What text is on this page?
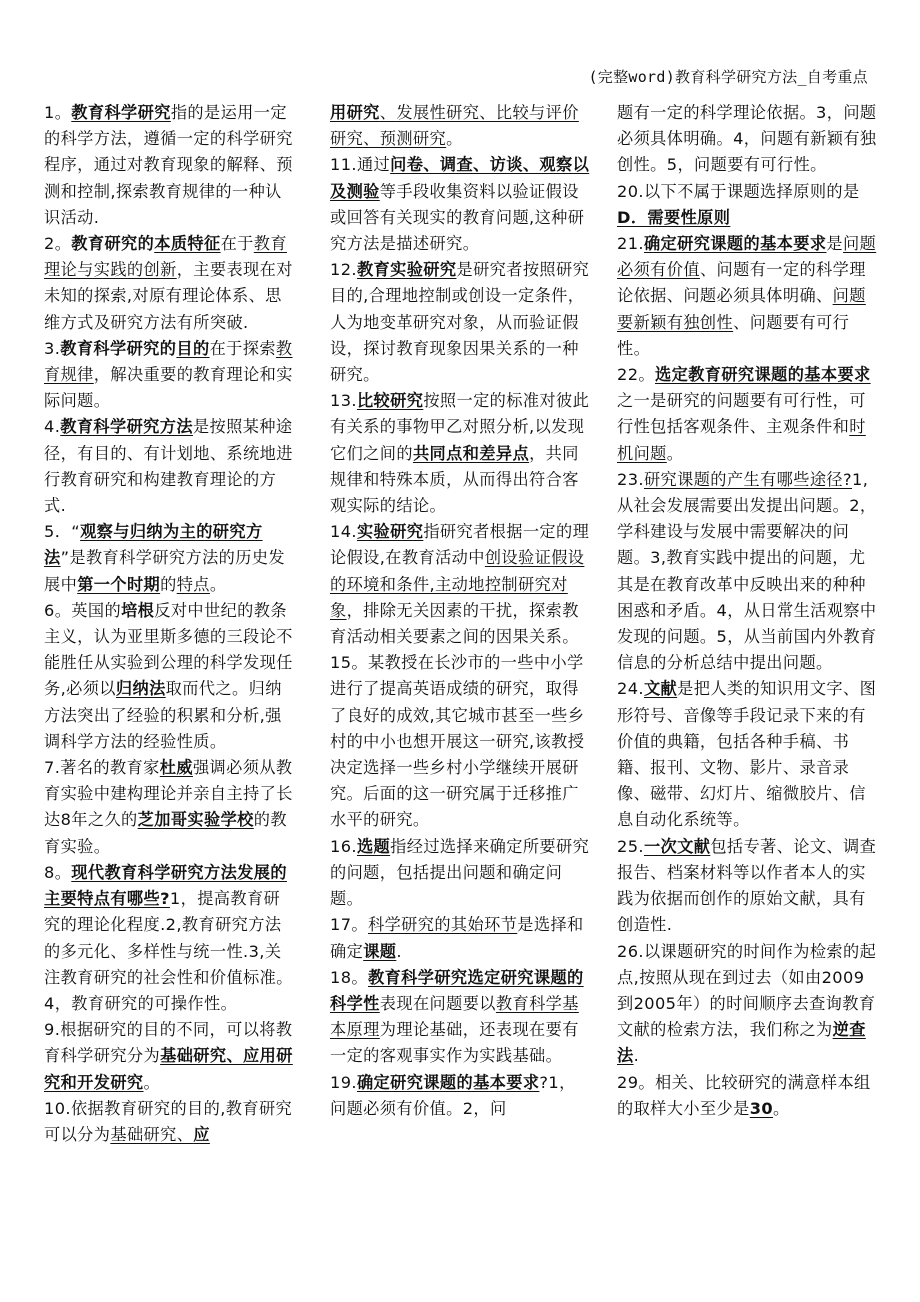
(完整word)教育科学研究方法_自考重点

1。教育科学研究指的是运用一定的科学方法，遵循一定的科学研究程序，通过对教育现象的解释、预测和控制,探索教育规律的一种认识活动.

2。教育研究的本质特征在于教育理论与实践的创新，主要表现在对未知的探索,对原有理论体系、思维方式及研究方法有所突破.

3.教育科学研究的目的在于探索教育规律，解决重要的教育理论和实际问题。

4.教育科学研究方法是按照某种途径，有目的、有计划地、系统地进行教育研究和构建教育理论的方式.

5．“观察与归纳为主的研究方法”是教育科学研究方法的历史发展中第一个时期的特点。

6。英国的培根反对中世纪的教条主义，认为亚里斯多德的三段论不能胜任从实验到公理的科学发现任务,必须以归纳法取而代之。归纳方法突出了经验的积累和分析,强调科学方法的经验性质。

7.著名的教育家杜威强调必须从教育实验中建构理论并亲自主持了长达8年之久的芝加哥实验学校的教育实验。

8。现代教育科学研究方法发展的主要特点有哪些?1，提高教育研究的理论化程度.2,教育研究方法的多元化、多样性与统一性.3,关注教育研究的社会性和价值标准。4，教育研究的可操作性。

9.根据研究的目的不同，可以将教育科学研究分为基础研究、应用研究和开发研究。

10.依据教育研究的目的,教育研究可以分为基础研究、应

用研究、发展性研究、比较与评价研究、预测研究。

11.通过问卷、调查、访谈、观察以及测验等手段收集资料以验证假设或回答有关现实的教育问题,这种研究方法是描述研究。

12.教育实验研究是研究者按照研究目的,合理地控制或创设一定条件，人为地变革研究对象，从而验证假设，探讨教育现象因果关系的一种研究。

13.比较研究按照一定的标准对彼此有关系的事物甲乙对照分析,以发现它们之间的共同点和差异点，共同规律和特殊本质，从而得出符合客观实际的结论。

14.实验研究指研究者根据一定的理论假设,在教育活动中创设验证假设的环境和条件,主动地控制研究对象，排除无关因素的干扰，探索教育活动相关要素之间的因果关系。

15。某教授在长沙市的一些中小学进行了提高英语成绩的研究，取得了良好的成效,其它城市甚至一些乡村的中小也想开展这一研究,该教授决定选择一些乡村小学继续开展研究。后面的这一研究属于迁移推广水平的研究。

16.选题指经过选择来确定所要研究的问题，包括提出问题和确定问题。

17。科学研究的其始环节是选择和确定课题.

18。教育科学研究选定研究课题的科学性表现在问题要以教育科学基本原理为理论基础，还表现在要有一定的客观事实作为实践基础。

19.确定研究课题的基本要求?1，问题必须有价值。2，问

题有一定的科学理论依据。3，问题必须具体明确。4，问题有新颖有独创性。5，问题要有可行性。

20.以下不属于课题选择原则的是D．需要性原则

21.确定研究课题的基本要求是问题必须有价值、问题有一定的科学理论依据、问题必须具体明确、问题要新颖有独创性、问题要有可行性。

22。选定教育研究课题的基本要求之一是研究的问题要有可行性，可行性包括客观条件、主观条件和时机问题。

23.研究课题的产生有哪些途径?1,从社会发展需要出发提出问题。2，学科建设与发展中需要解决的问题。3,教育实践中提出的问题，尤其是在教育改革中反映出来的种种困惑和矛盾。4，从日常生活观察中发现的问题。5，从当前国内外教育信息的分析总结中提出问题。

24.文献是把人类的知识用文字、图形符号、音像等手段记录下来的有价值的典籍，包括各种手稿、书籍、报刊、文物、影片、录音录像、磁带、幻灯片、缩微胶片、信息自动化系统等。

25.一次文献包括专著、论文、调查报告、档案材料等以作者本人的实践为依据而创作的原始文献，具有创造性.

26.以课题研究的时间作为检索的起点,按照从现在到过去（如由2009到2005年）的时间顺序去查询教育文献的检索方法，我们称之为逆查法.

29。相关、比较研究的满意样本组的取样大小至少是30。
